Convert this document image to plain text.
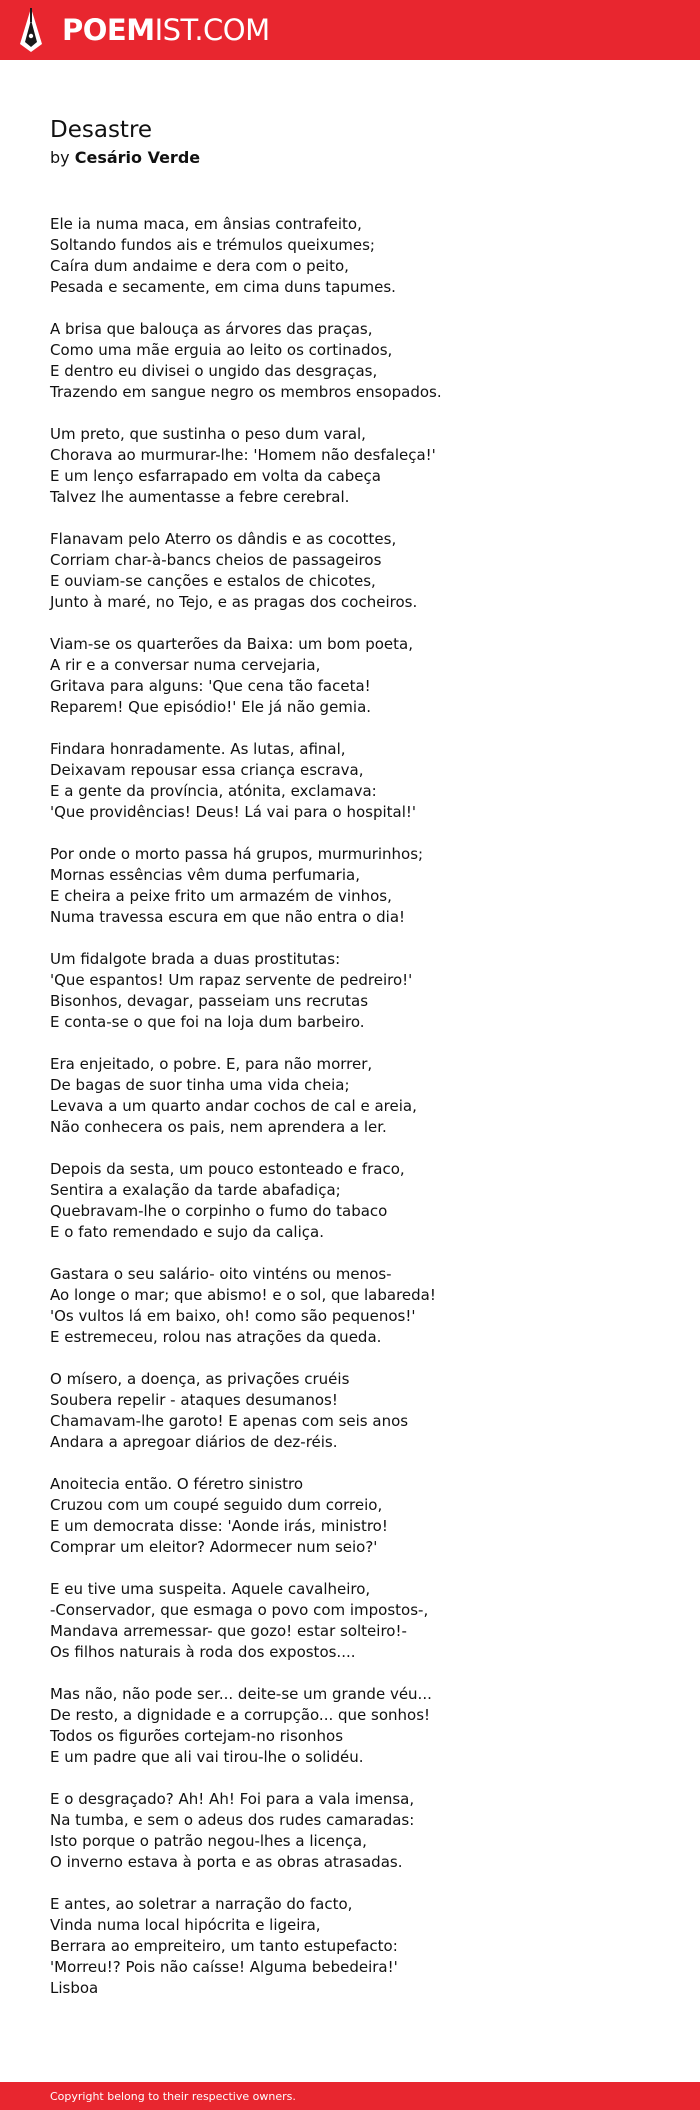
POEMIST.COM
Desastre
by Cesário Verde
Ele ia numa maca, em ânsias contrafeito,
Soltando fundos ais e trémulos queixumes;
Caíra dum andaime e dera com o peito,
Pesada e secamente, em cima duns tapumes.
A brisa que balouça as árvores das praças,
Como uma mãe erguia ao leito os cortinados,
E dentro eu divisei o ungido das desgraças,
Trazendo em sangue negro os membros ensopados.
Um preto, que sustinha o peso dum varal,
Chorava ao murmurar-lhe: 'Homem não desfaleça!'
E um lenço esfarrapado em volta da cabeça
Talvez lhe aumentasse a febre cerebral.
Flanavam pelo Aterro os dândis e as cocottes,
Corriam char-à-bancs cheios de passageiros
E ouviam-se canções e estalos de chicotes,
Junto à maré, no Tejo, e as pragas dos cocheiros.
Viam-se os quarterões da Baixa: um bom poeta,
A rir e a conversar numa cervejaria,
Gritava para alguns: 'Que cena tão faceta!
Reparem! Que episódio!' Ele já não gemia.
Findara honradamente. As lutas, afinal,
Deixavam repousar essa criança escrava,
E a gente da província, atónita, exclamava:
'Que providências! Deus! Lá vai para o hospital!'
Por onde o morto passa há grupos, murmurinhos;
Mornas essências vêm duma perfumaria,
E cheira a peixe frito um armazém de vinhos,
Numa travessa escura em que não entra o dia!
Um fidalgote brada a duas prostitutas:
'Que espantos! Um rapaz servente de pedreiro!'
Bisonhos, devagar, passeiam uns recrutas
E conta-se o que foi na loja dum barbeiro.
Era enjeitado, o pobre. E, para não morrer,
De bagas de suor tinha uma vida cheia;
Levava a um quarto andar cochos de cal e areia,
Não conhecera os pais, nem aprendera a ler.
Depois da sesta, um pouco estonteado e fraco,
Sentira a exalação da tarde abafadiça;
Quebravam-lhe o corpinho o fumo do tabaco
E o fato remendado e sujo da caliça.
Gastara o seu salário- oito vinténs ou menos-
Ao longe o mar; que abismo! e o sol, que labareda!
'Os vultos lá em baixo, oh! como são pequenos!'
E estremeceu, rolou nas atrações da queda.
O mísero, a doença, as privações cruéis
Soubera repelir - ataques desumanos!
Chamavam-lhe garoto! E apenas com seis anos
Andara a apregoar diários de dez-réis.
Anoitecia então. O féretro sinistro
Cruzou com um coupé seguido dum correio,
E um democrata disse: 'Aonde irás, ministro!
Comprar um eleitor? Adormecer num seio?'
E eu tive uma suspeita. Aquele cavalheiro,
-Conservador, que esmaga o povo com impostos-,
Mandava arremessar- que gozo! estar solteiro!-
Os filhos naturais à roda dos expostos....
Mas não, não pode ser... deite-se um grande véu...
De resto, a dignidade e a corrupção... que sonhos!
Todos os figurões cortejam-no risonhos
E um padre que ali vai tirou-lhe o solidéu.
E o desgraçado? Ah! Ah! Foi para a vala imensa,
Na tumba, e sem o adeus dos rudes camaradas:
Isto porque o patrão negou-lhes a licença,
O inverno estava à porta e as obras atrasadas.
E antes, ao soletrar a narração do facto,
Vinda numa local hipócrita e ligeira,
Berrara ao empreiteiro, um tanto estupefacto:
'Morreu!? Pois não caísse! Alguma bebedeira!'
Lisboa
Copyright belong to their respective owners.
